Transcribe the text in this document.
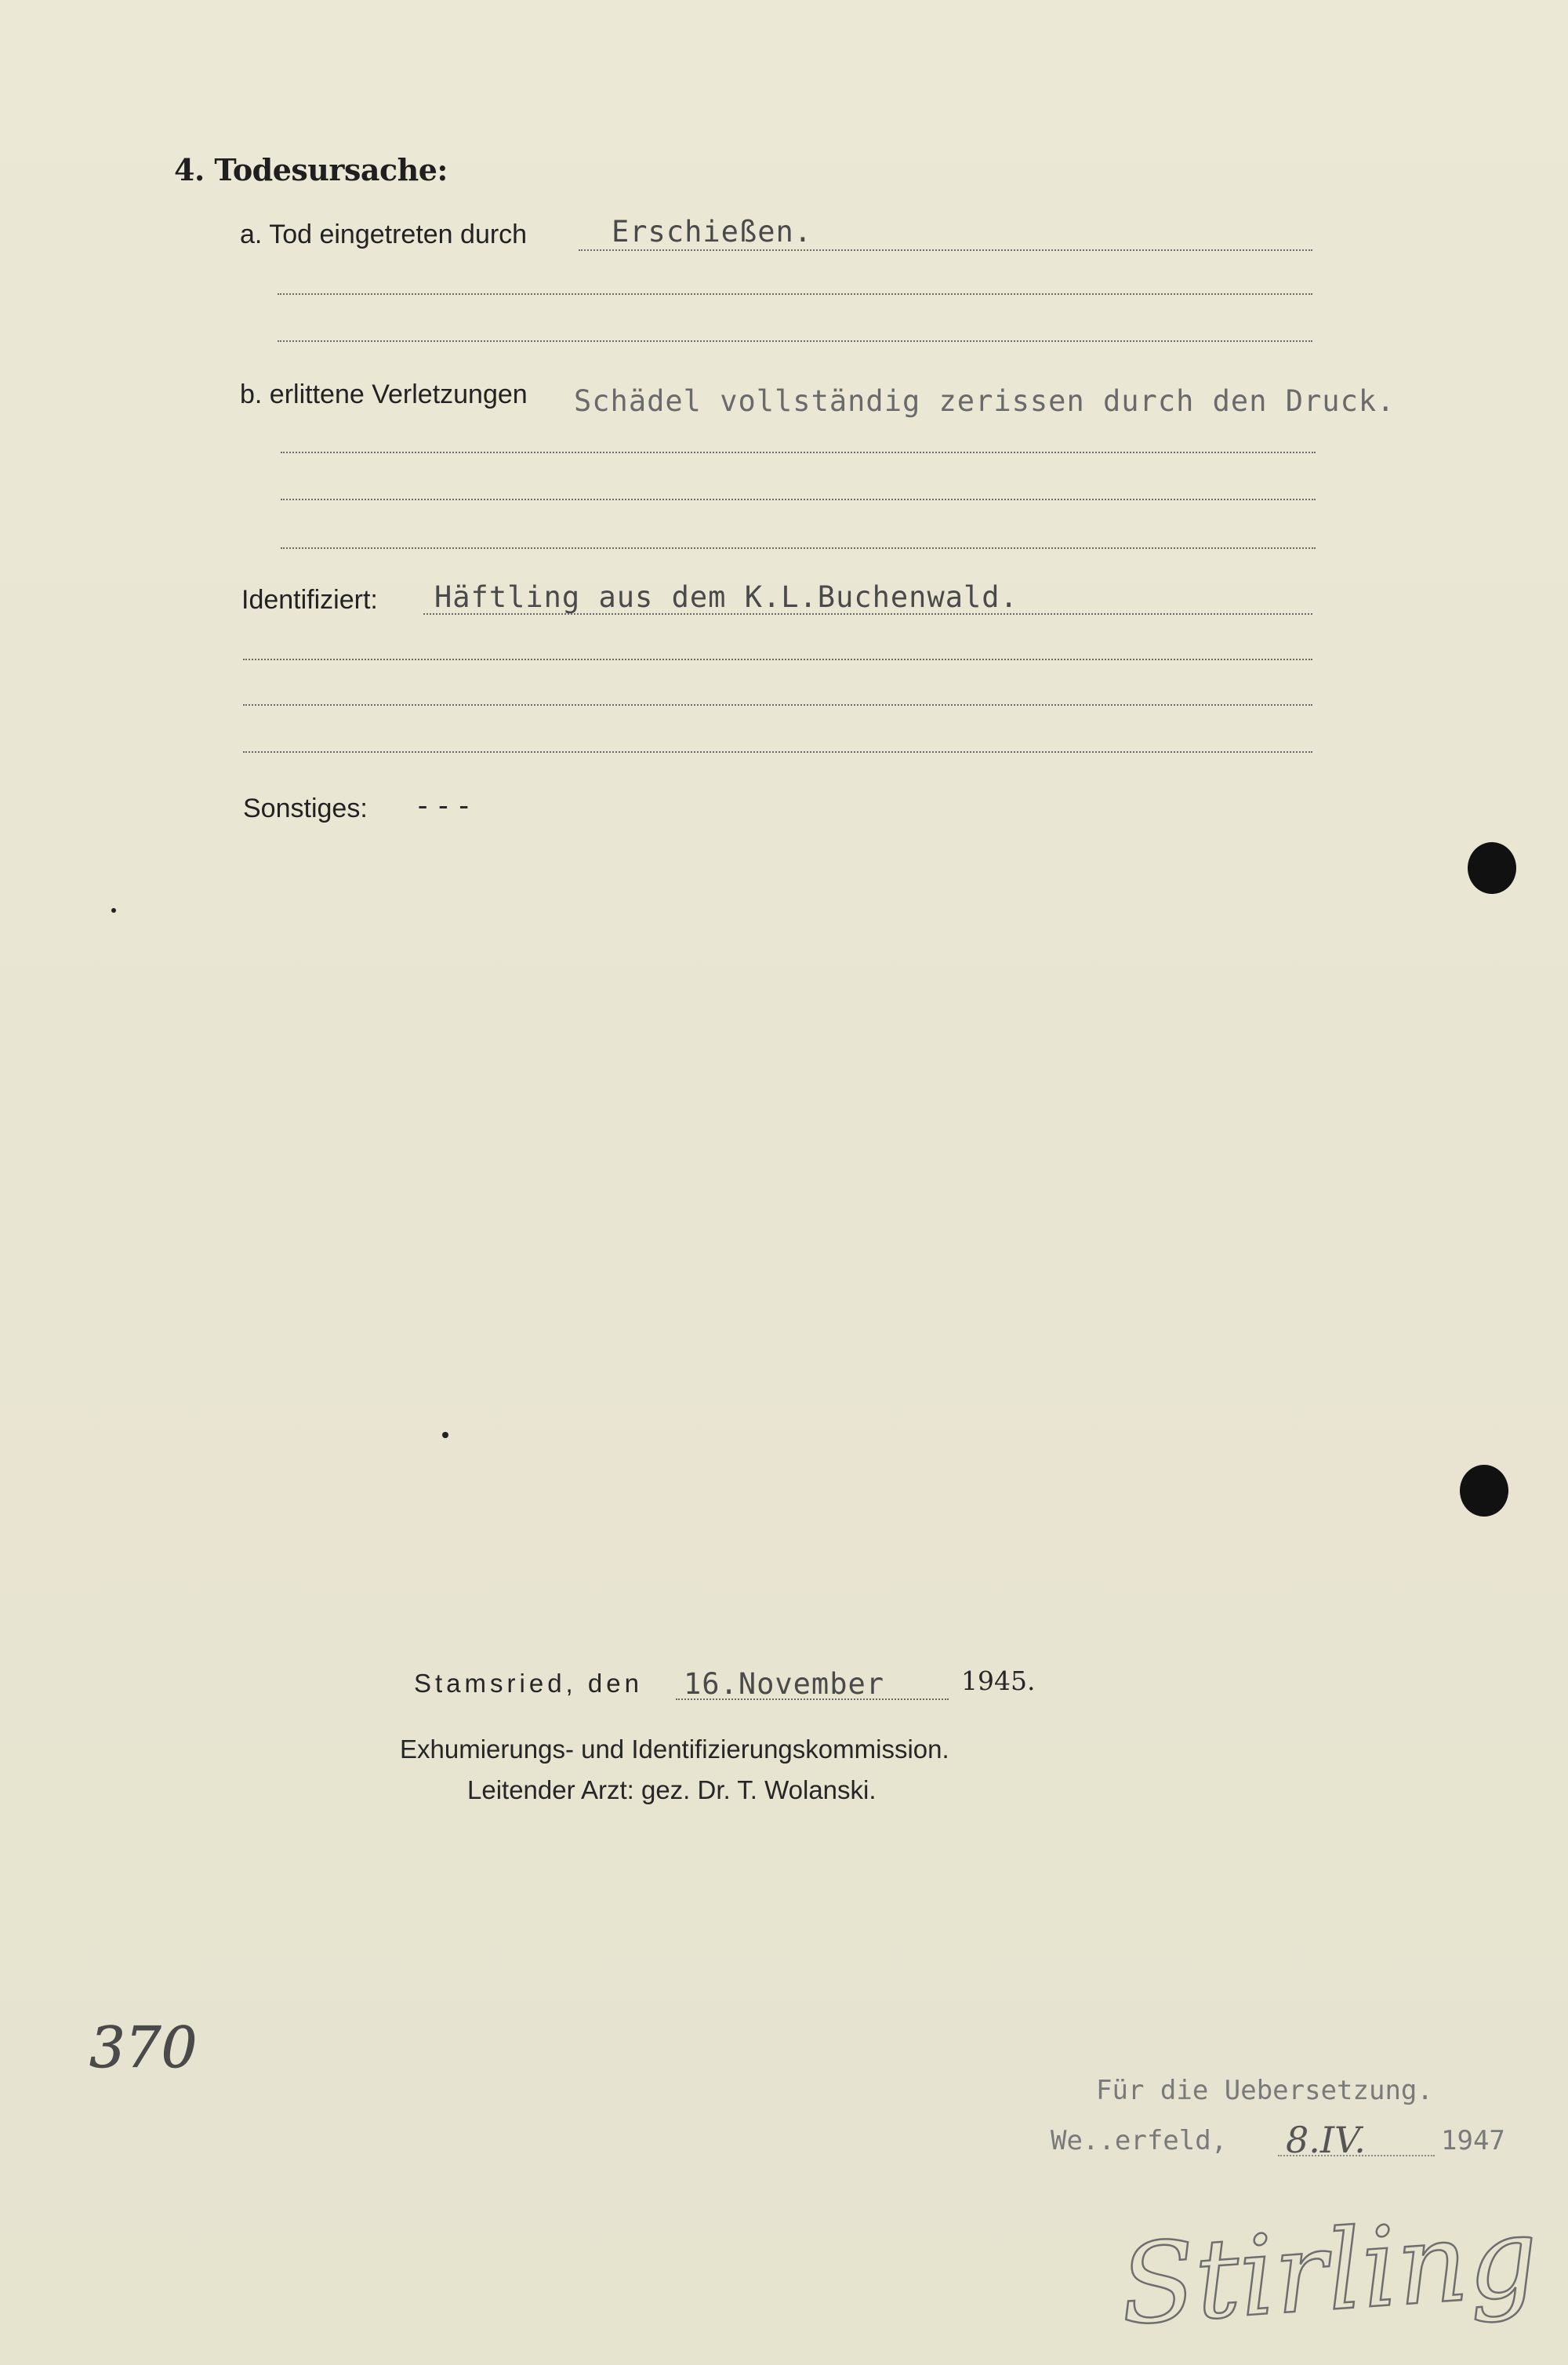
4. Todesursache:
a. Tod eingetreten durch	Erschießen.
b. erlittene Verletzungen Schädel vollständig zerissen durch den Druck.
Identifiziert: Häftling aus dem K.L.Buchenwald.
Sonstiges: ---
Stamsried, den 16.November	1945.
Exhumierungs- und Identifizierungskommission.
Leitender Arzt: gez. Dr. T. Wolanski.
370
Für die Uebersetzung.
We..erfeld, 8.IV.	1947
Stirling
